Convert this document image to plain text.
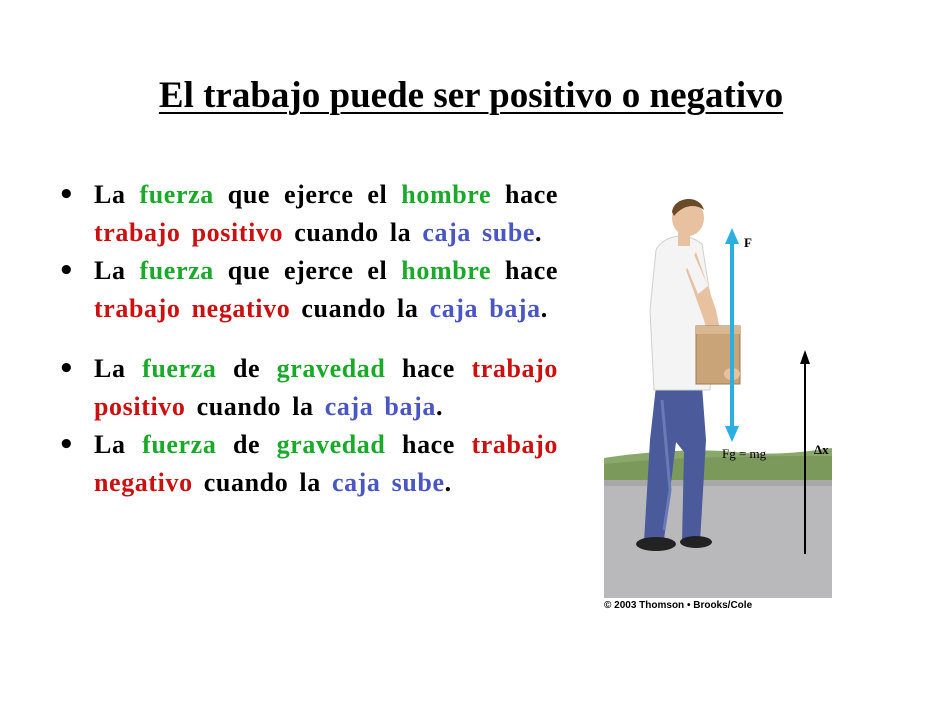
El trabajo puede ser positivo o negativo
• La fuerza que ejerce el hombre hace trabajo positivo cuando la caja sube.
• La fuerza que ejerce el hombre hace trabajo negativo cuando la caja baja.
• La fuerza de gravedad hace trabajo positivo cuando la caja baja.
• La fuerza de gravedad hace trabajo negativo cuando la caja sube.
F
Fg = mg	Δx
© 2003 Thomson • Brooks/Cole
